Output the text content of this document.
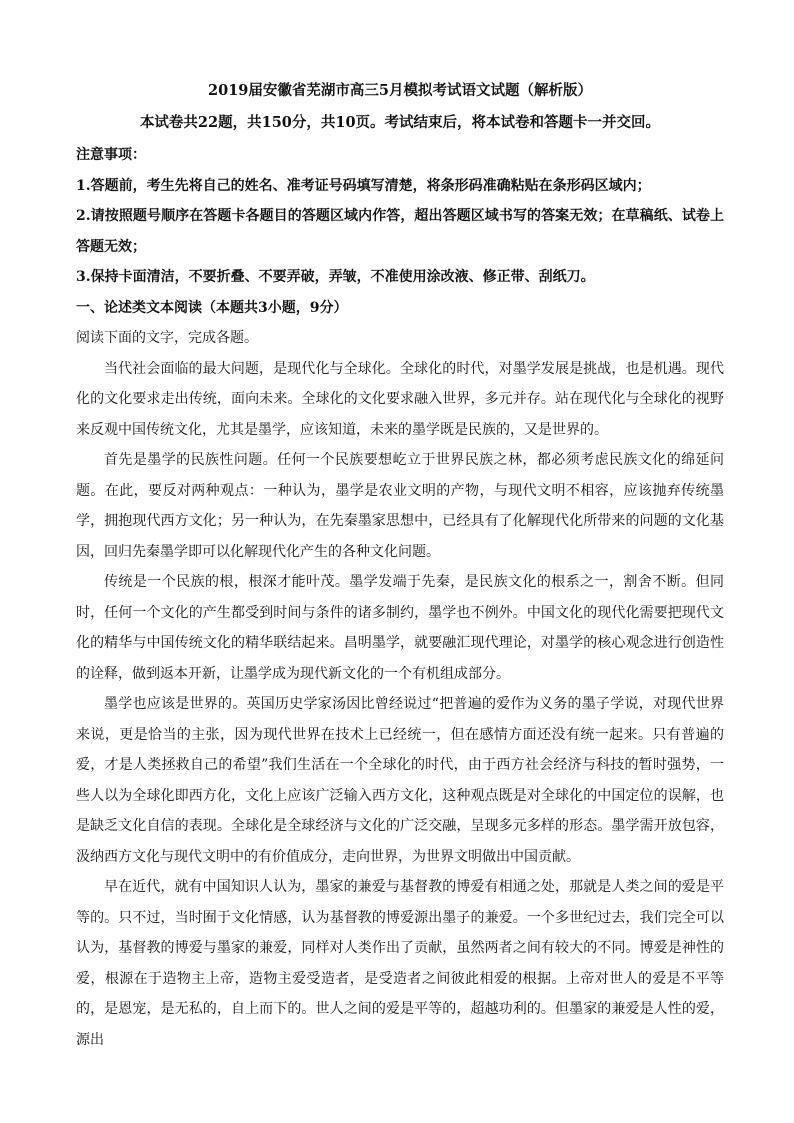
2019届安徽省芜湖市高三5月模拟考试语文试题（解析版）

本试卷共22题，共150分，共10页。考试结束后，将本试卷和答题卡一并交回。

注意事项：

1.答题前，考生先将自己的姓名、准考证号码填写清楚，将条形码准确粘贴在条形码区域内；

2.请按照题号顺序在答题卡各题目的答题区域内作答，超出答题区域书写的答案无效；在草稿纸、试卷上答题无效；

3.保持卡面清洁，不要折叠、不要弄破，弄皱，不准使用涂改液、修正带、刮纸刀。

一、论述类文本阅读（本题共3小题，9分）

阅读下面的文字，完成各题。

当代社会面临的最大问题，是现代化与全球化。全球化的时代，对墨学发展是挑战，也是机遇。现代化的文化要求走出传统，面向未来。全球化的文化要求融入世界，多元并存。站在现代化与全球化的视野来反观中国传统文化，尤其是墨学，应该知道，未来的墨学既是民族的，又是世界的。

首先是墨学的民族性问题。任何一个民族要想屹立于世界民族之林，都必须考虑民族文化的绵延问题。在此，要反对两种观点：一种认为，墨学是农业文明的产物，与现代文明不相容，应该抛弃传统墨学，拥抱现代西方文化；另一种认为，在先秦墨家思想中，已经具有了化解现代化所带来的问题的文化基因，回归先秦墨学即可以化解现代化产生的各种文化问题。

传统是一个民族的根，根深才能叶茂。墨学发端于先秦，是民族文化的根系之一，割舍不断。但同时，任何一个文化的产生都受到时间与条件的诸多制约，墨学也不例外。中国文化的现代化需要把现代文化的精华与中国传统文化的精华联结起来。昌明墨学，就要融汇现代理论，对墨学的核心观念进行创造性的诠释，做到返本开新，让墨学成为现代新文化的一个有机组成部分。

墨学也应该是世界的。英国历史学家汤因比曾经说过“把普遍的爱作为义务的墨子学说，对现代世界来说，更是恰当的主张，因为现代世界在技术上已经统一，但在感情方面还没有统一起来。只有普遍的爱，才是人类拯救自己的希望”我们生活在一个全球化的时代，由于西方社会经济与科技的暂时强势，一些人以为全球化即西方化，文化上应该广泛输入西方文化，这种观点既是对全球化的中国定位的误解，也是缺乏文化自信的表现。全球化是全球经济与文化的广泛交融，呈现多元多样的形态。墨学需开放包容，汲纳西方文化与现代文明中的有价值成分，走向世界，为世界文明做出中国贡献。

早在近代，就有中国知识人认为，墨家的兼爱与基督教的博爱有相通之处，那就是人类之间的爱是平等的。只不过，当时囿于文化情感，认为基督教的博爱源出墨子的兼爱。一个多世纪过去，我们完全可以认为，基督教的博爱与墨家的兼爱，同样对人类作出了贡献，虽然两者之间有较大的不同。博爱是神性的爱，根源在于造物主上帝，造物主爱受造者，是受造者之间彼此相爱的根据。上帝对世人的爱是不平等的，是恩宠，是无私的，自上而下的。世人之间的爱是平等的，超越功利的。但墨家的兼爱是人性的爱，源出
